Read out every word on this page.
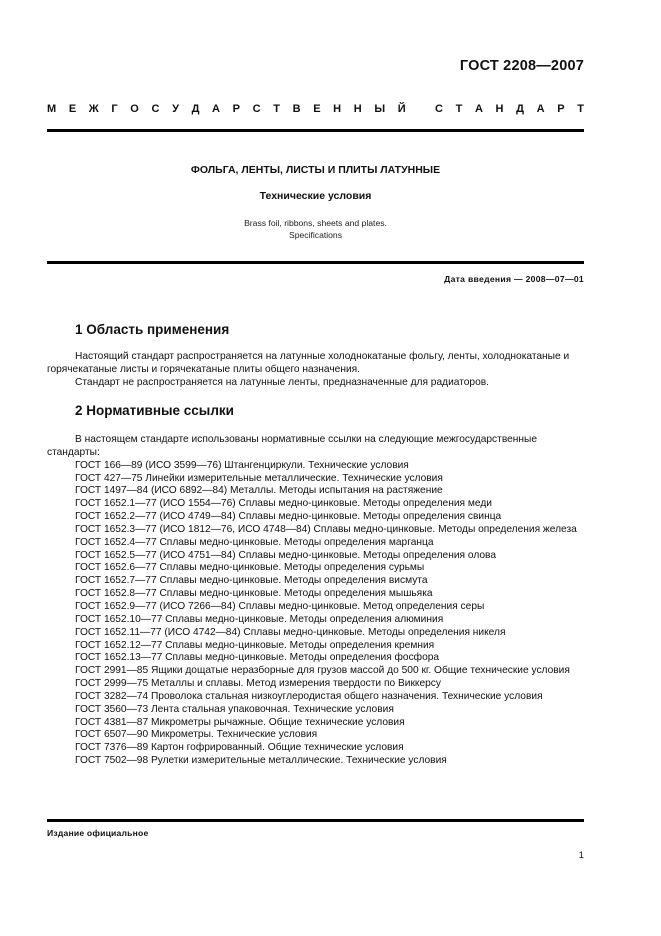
ГОСТ 2208—2007
М Е Ж Г О С У Д А Р С Т В Е Н Н Ы Й	С Т А Н Д А Р Т
ФОЛЬГА, ЛЕНТЫ, ЛИСТЫ И ПЛИТЫ ЛАТУННЫЕ
Технические условия
Brass foil, ribbons, sheets and plates.
Specifications
Дата введения — 2008—07—01
1 Область применения

Настоящий стандарт распространяется на латунные холоднокатаные фольгу, ленты, холоднокатаные и горячекатаные листы и горячекатаные плиты общего назначения.

Стандарт не распространяется на латунные ленты, предназначенные для радиаторов.

2 Нормативные ссылки

В настоящем стандарте использованы нормативные ссылки на следующие межгосударственные стандарты:

ГОСТ 166—89 (ИСО 3599—76) Штангенциркули. Технические условия

ГОСТ 427—75 Линейки измерительные металлические. Технические условия

ГОСТ 1497—84 (ИСО 6892—84) Металлы. Методы испытания на растяжение

ГОСТ 1652.1—77 (ИСО 1554—76) Сплавы медно-цинковые. Методы определения меди

ГОСТ 1652.2—77 (ИСО 4749—84) Сплавы медно-цинковые. Методы определения свинца

ГОСТ 1652.3—77 (ИСО 1812—76, ИСО 4748—84) Сплавы медно-цинковые. Методы определения железа

ГОСТ 1652.4—77 Сплавы медно-цинковые. Методы определения марганца

ГОСТ 1652.5—77 (ИСО 4751—84) Сплавы медно-цинковые. Методы определения олова

ГОСТ 1652.6—77 Сплавы медно-цинковые. Методы определения сурьмы

ГОСТ 1652.7—77 Сплавы медно-цинковые. Методы определения висмута

ГОСТ 1652.8—77 Сплавы медно-цинковые. Методы определения мышьяка

ГОСТ 1652.9—77 (ИСО 7266—84) Сплавы медно-цинковые. Метод определения серы

ГОСТ 1652.10—77 Сплавы медно-цинковые. Методы определения алюминия

ГОСТ 1652.11—77 (ИСО 4742—84) Сплавы медно-цинковые. Методы определения никеля

ГОСТ 1652.12—77 Сплавы медно-цинковые. Методы определения кремния

ГОСТ 1652.13—77 Сплавы медно-цинковые. Методы определения фосфора

ГОСТ 2991—85 Ящики дощатые неразборные для грузов массой до 500 кг. Общие технические условия

ГОСТ 2999—75 Металлы и сплавы. Метод измерения твердости по Виккерсу

ГОСТ 3282—74 Проволока стальная низкоуглеродистая общего назначения. Технические условия

ГОСТ 3560—73 Лента стальная упаковочная. Технические условия

ГОСТ 4381—87 Микрометры рычажные. Общие технические условия

ГОСТ 6507—90 Микрометры. Технические условия

ГОСТ 7376—89 Картон гофрированный. Общие технические условия

ГОСТ 7502—98 Рулетки измерительные металлические. Технические условия

Издание официальное
1
